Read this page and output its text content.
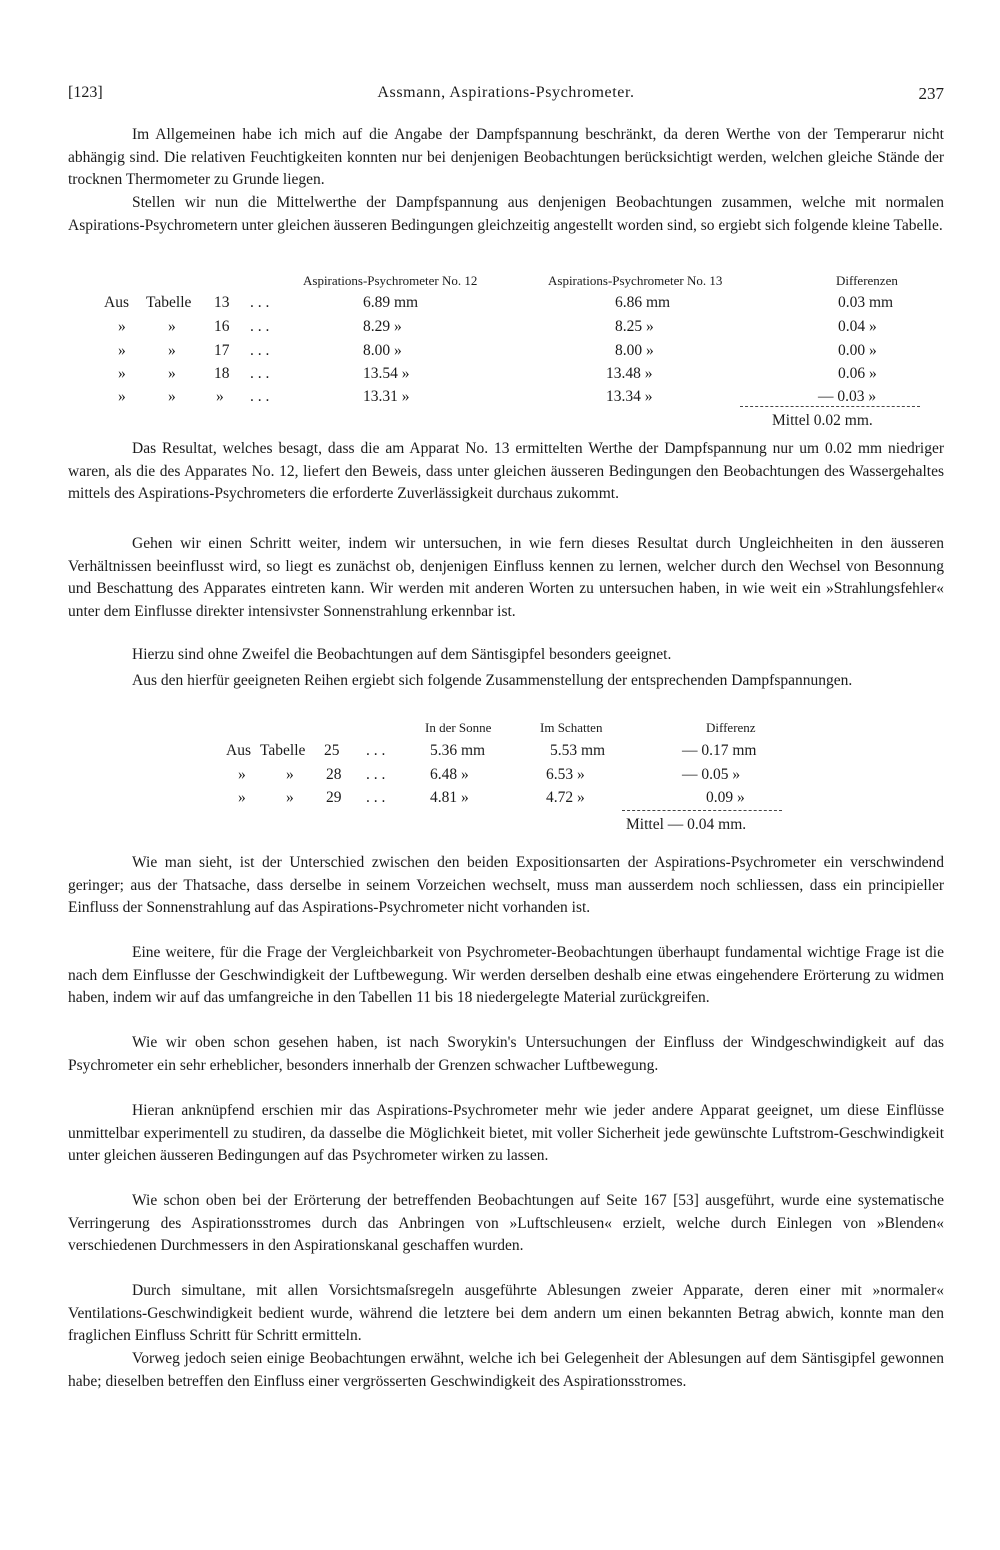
[123]	Assmann, Aspirations-Psychrometer.	237

Im Allgemeinen habe ich mich auf die Angabe der Dampfspannung beschränkt, da deren Werthe von der Temperarur nicht abhängig sind. Die relativen Feuchtigkeiten konnten nur bei denjenigen Beobachtungen berücksichtigt werden, welchen gleiche Stände der trocknen Thermometer zu Grunde liegen.

Stellen wir nun die Mittelwerthe der Dampfspannung aus denjenigen Beobachtungen zusammen, welche mit normalen Aspirations-Psychrometern unter gleichen äusseren Bedingungen gleichzeitig angestellt worden sind, so ergiebt sich folgende kleine Tabelle.

Aspirations-Psychrometer No. 12	Aspirations-Psychrometer No. 13	Differenzen
Aus Tabelle 13 . . .	6.89 mm	6.86 mm	0.03 mm
»	» 16 . . .	8.29 »	8.25 »	0.04 »
»	» 17 . . .	8.00 »	8.00 »	0.00 »
»	» 18 . . .	13.54 »	13.48 »	0.06 »
»	»	» . . .	13.31 »	13.34 »	— 0.03 »
Mittel 0.02 mm.

Das Resultat, welches besagt, dass die am Apparat No. 13 ermittelten Werthe der Dampfspannung nur um 0.02 mm niedriger waren, als die des Apparates No. 12, liefert den Beweis, dass unter gleichen äusseren Bedingungen den Beobachtungen des Wassergehaltes mittels des Aspirations-Psychrometers die erforderte Zuverlässigkeit durchaus zukommt.

Gehen wir einen Schritt weiter, indem wir untersuchen, in wie fern dieses Resultat durch Ungleichheiten in den äusseren Verhältnissen beeinflusst wird, so liegt es zunächst ob, denjenigen Einfluss kennen zu lernen, welcher durch den Wechsel von Besonnung und Beschattung des Apparates eintreten kann. Wir werden mit anderen Worten zu untersuchen haben, in wie weit ein »Strahlungsfehler« unter dem Einflusse direkter intensivster Sonnenstrahlung erkennbar ist.

Hierzu sind ohne Zweifel die Beobachtungen auf dem Säntisgipfel besonders geeignet.

Aus den hierfür geeigneten Reihen ergiebt sich folgende Zusammenstellung der entsprechenden Dampfspannungen.

In der Sonne	Im Schatten	Differenz
Aus Tabelle 25 . . .	5.36 mm	5.53 mm	— 0.17 mm
»	» 28 . . .	6.48 »	6.53 »	— 0.05 »
»	» 29 . . .	4.81 »	4.72 »	0.09 »
Mittel — 0.04 mm.

Wie man sieht, ist der Unterschied zwischen den beiden Expositionsarten der Aspirations-Psychrometer ein verschwindend geringer; aus der Thatsache, dass derselbe in seinem Vorzeichen wechselt, muss man ausserdem noch schliessen, dass ein principieller Einfluss der Sonnenstrahlung auf das Aspirations-Psychrometer nicht vorhanden ist.

Eine weitere, für die Frage der Vergleichbarkeit von Psychrometer-Beobachtungen überhaupt fundamental wichtige Frage ist die nach dem Einflusse der Geschwindigkeit der Luftbewegung. Wir werden derselben deshalb eine etwas eingehendere Erörterung zu widmen haben, indem wir auf das umfangreiche in den Tabellen 11 bis 18 niedergelegte Material zurückgreifen.

Wie wir oben schon gesehen haben, ist nach Sworykin's Untersuchungen der Einfluss der Windgeschwindigkeit auf das Psychrometer ein sehr erheblicher, besonders innerhalb der Grenzen schwacher Luftbewegung.

Hieran anknüpfend erschien mir das Aspirations-Psychrometer mehr wie jeder andere Apparat geeignet, um diese Einflüsse unmittelbar experimentell zu studiren, da dasselbe die Möglichkeit bietet, mit voller Sicherheit jede gewünschte Luftstrom-Geschwindigkeit unter gleichen äusseren Bedingungen auf das Psychrometer wirken zu lassen.

Wie schon oben bei der Erörterung der betreffenden Beobachtungen auf Seite 167 [53] ausgeführt, wurde eine systematische Verringerung des Aspirationsstromes durch das Anbringen von »Luftschleusen« erzielt, welche durch Einlegen von »Blenden« verschiedenen Durchmessers in den Aspirationskanal geschaffen wurden.

Durch simultane, mit allen Vorsichtsmaſsregeln ausgeführte Ablesungen zweier Apparate, deren einer mit »normaler« Ventilations-Geschwindigkeit bedient wurde, während die letztere bei dem andern um einen bekannten Betrag abwich, konnte man den fraglichen Einfluss Schritt für Schritt ermitteln.

Vorweg jedoch seien einige Beobachtungen erwähnt, welche ich bei Gelegenheit der Ablesungen auf dem Säntisgipfel gewonnen habe; dieselben betreffen den Einfluss einer vergrösserten Geschwindigkeit des Aspirationsstromes.
